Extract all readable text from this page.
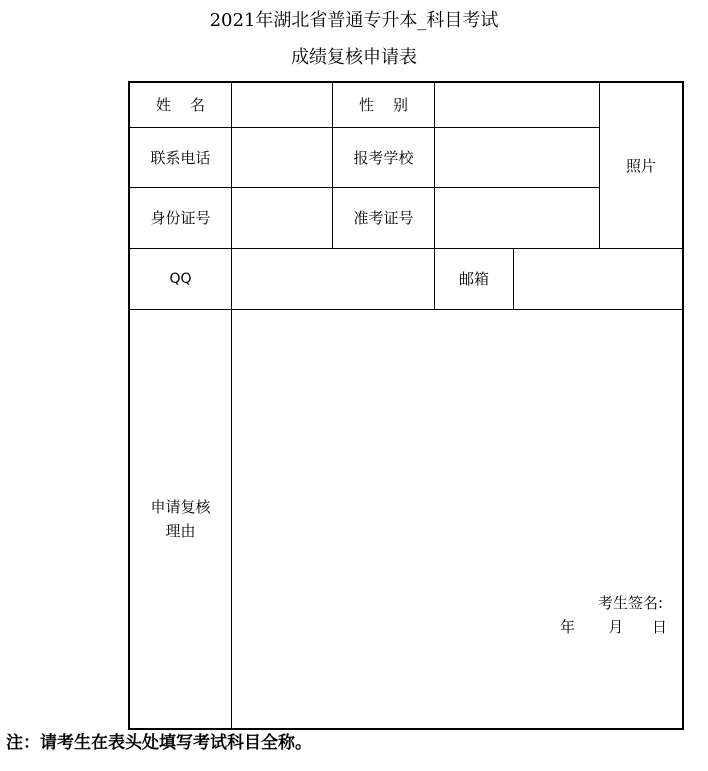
2021年湖北省普通专升本_科目考试
成绩复核申请表
姓    名	性    别
联系电话	报考学校
身份证号	准考证号
照片
QQ	邮箱
申请复核
理由
考生签名:
年       月      日
注：请考生在表头处填写考试科目全称。
